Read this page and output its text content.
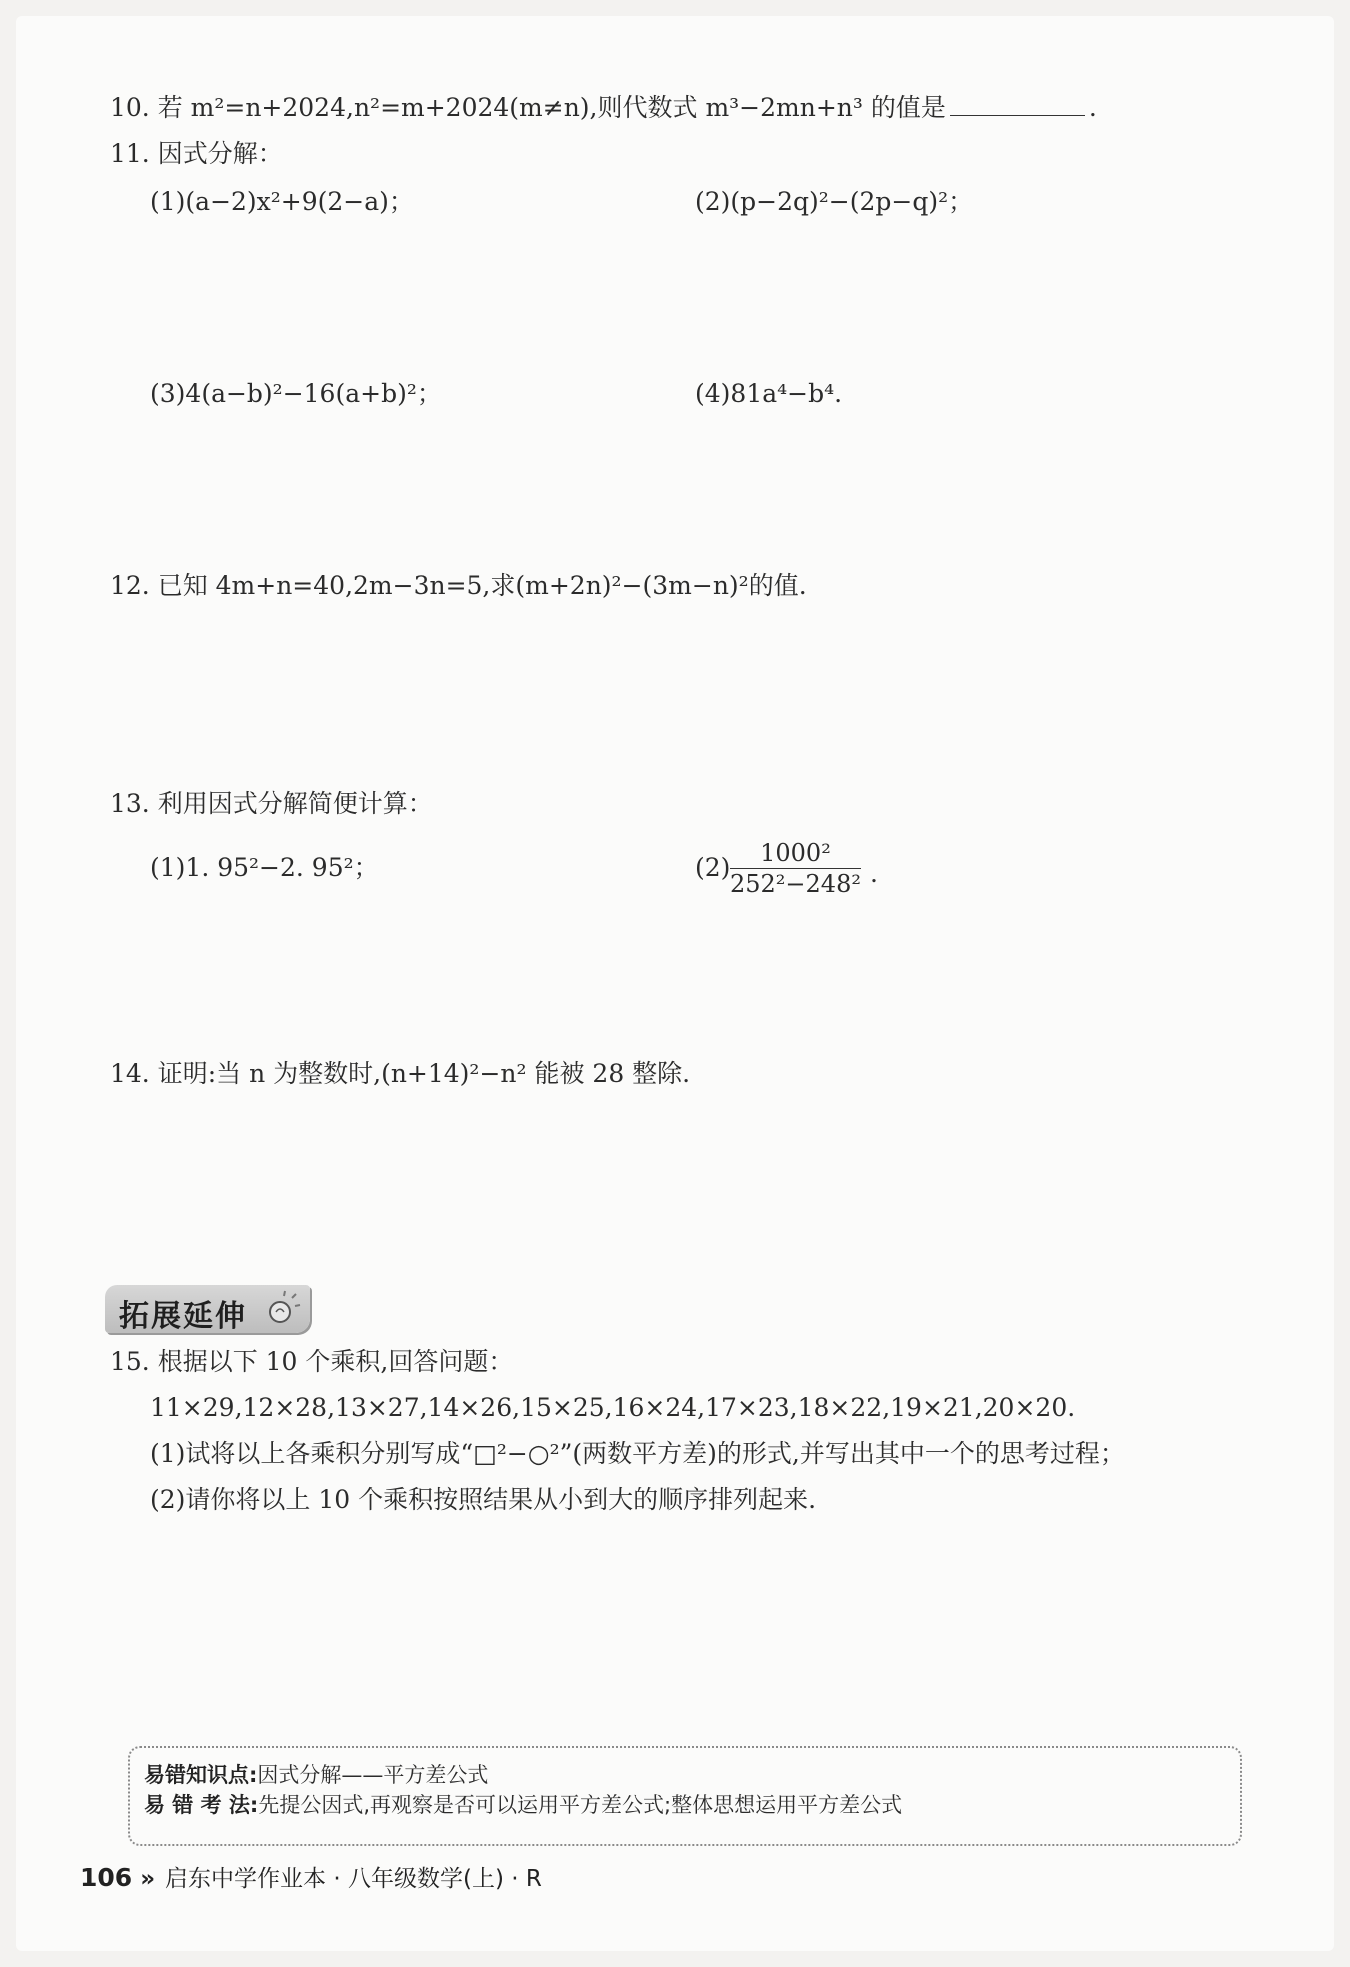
10. 若 m²=n+2024,n²=m+2024(m≠n),则代数式 m³−2mn+n³ 的值是	.
11. 因式分解：
(1)(a−2)x²+9(2−a)；	(2)(p−2q)²−(2p−q)²；
(3)4(a−b)²−16(a+b)²；	(4)81a⁴−b⁴.
12. 已知 4m+n=40,2m−3n=5,求(m+2n)²−(3m−n)²的值.
13. 利用因式分解简便计算：
(1)1. 95²−2. 95²；	$(2) \frac{\text{1000²}}{\text{252²−248²}}$ .
14. 证明:当 n 为整数时,(n+14)²−n² 能被 28 整除.
拓展延伸
15. 根据以下 10 个乘积,回答问题：
11×29,12×28,13×27,14×26,15×25,16×24,17×23,18×22,19×21,20×20.
(1)试将以上各乘积分别写成“□²−○²”(两数平方差)的形式,并写出其中一个的思考过程；
(2)请你将以上 10 个乘积按照结果从小到大的顺序排列起来.
易错知识点:因式分解——平方差公式
易 错 考 法:先提公因式,再观察是否可以运用平方差公式;整体思想运用平方差公式
106 » 启东中学作业本 · 八年级数学(上) · R
